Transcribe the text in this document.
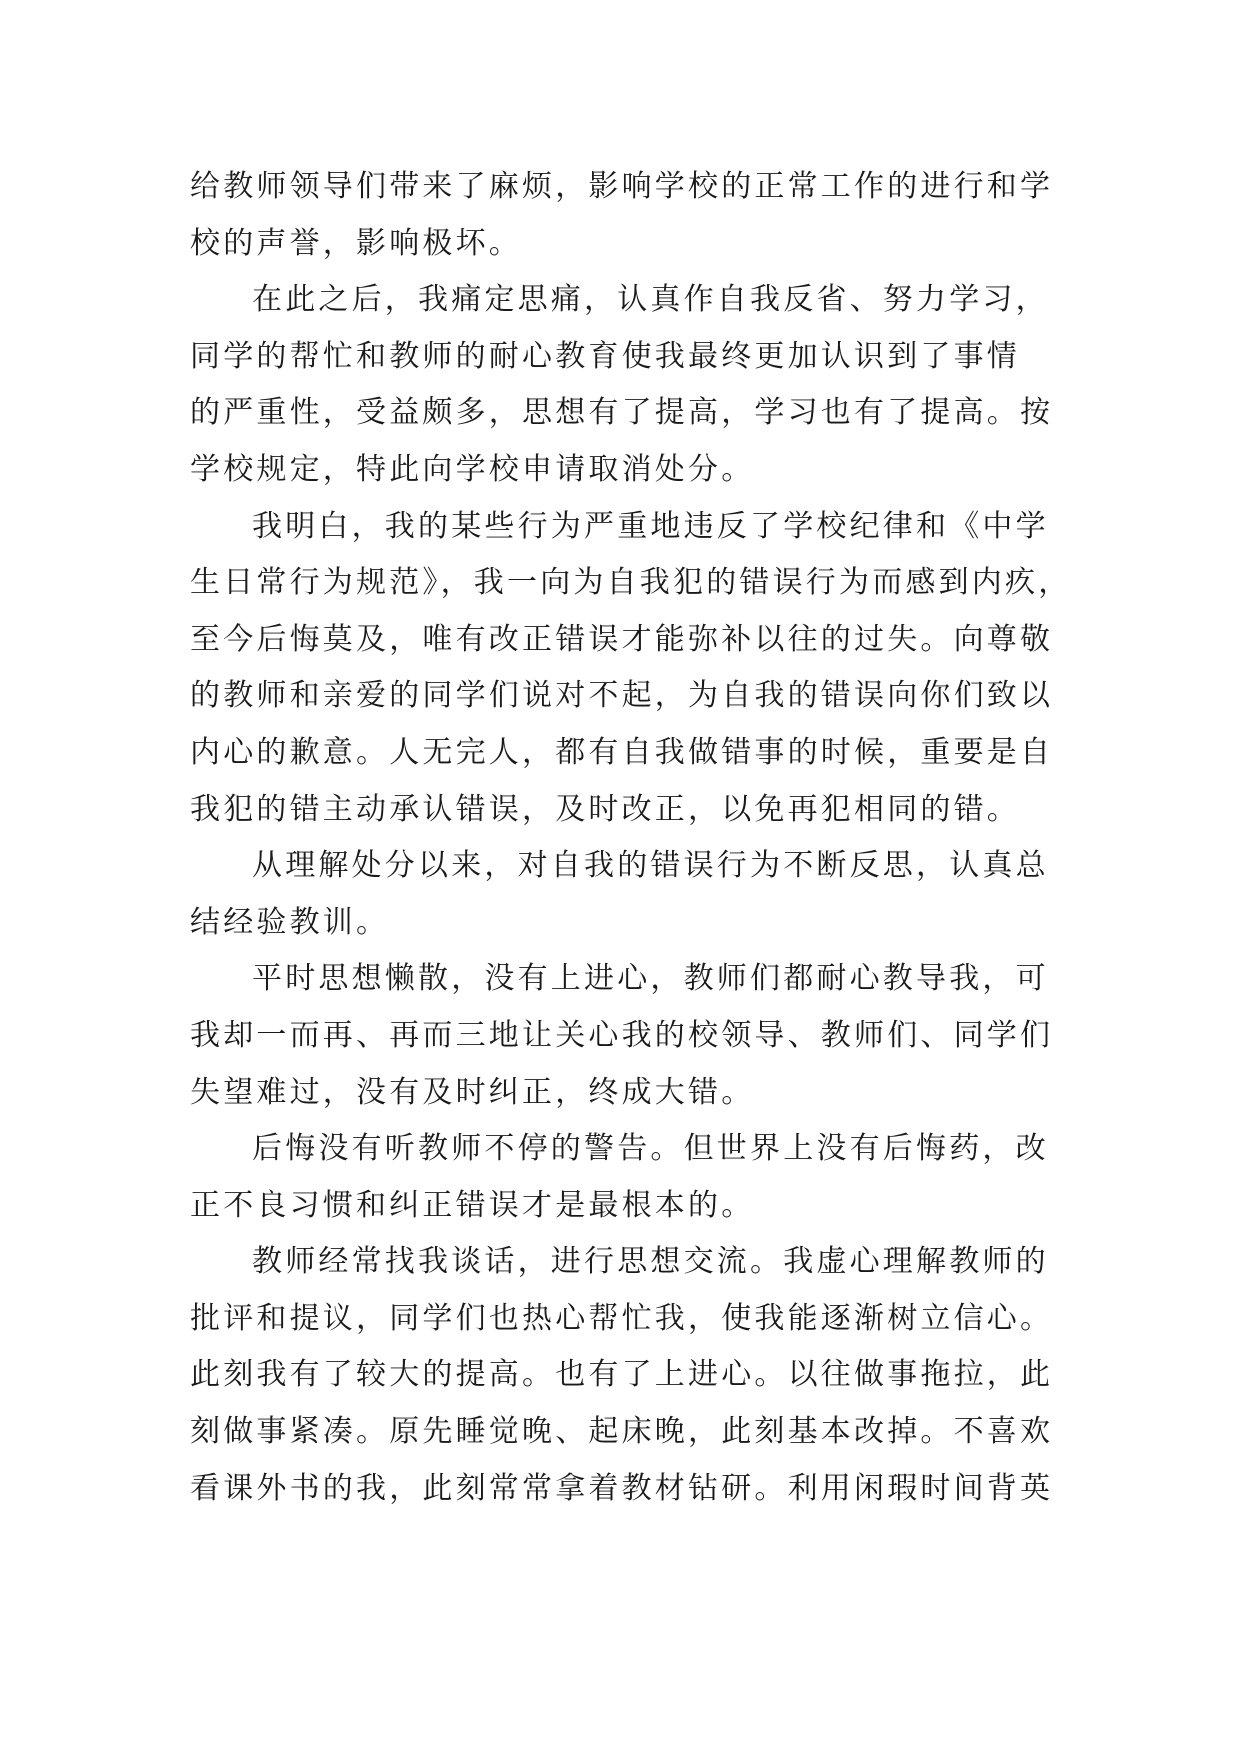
给教师领导们带来了麻烦，影响学校的正常工作的进行和学
校的声誉，影响极坏。
在此之后，我痛定思痛，认真作自我反省、努力学习，
同学的帮忙和教师的耐心教育使我最终更加认识到了事情
的严重性，受益颇多，思想有了提高，学习也有了提高。按
学校规定，特此向学校申请取消处分。
我明白，我的某些行为严重地违反了学校纪律和《中学
生日常行为规范》，我一向为自我犯的错误行为而感到内疚，
至今后悔莫及，唯有改正错误才能弥补以往的过失。向尊敬
的教师和亲爱的同学们说对不起，为自我的错误向你们致以
内心的歉意。人无完人，都有自我做错事的时候，重要是自
我犯的错主动承认错误，及时改正，以免再犯相同的错。
从理解处分以来，对自我的错误行为不断反思，认真总
结经验教训。
平时思想懒散，没有上进心，教师们都耐心教导我，可
我却一而再、再而三地让关心我的校领导、教师们、同学们
失望难过，没有及时纠正，终成大错。
后悔没有听教师不停的警告。但世界上没有后悔药，改
正不良习惯和纠正错误才是最根本的。
教师经常找我谈话，进行思想交流。我虚心理解教师的
批评和提议，同学们也热心帮忙我，使我能逐渐树立信心。
此刻我有了较大的提高。也有了上进心。以往做事拖拉，此
刻做事紧凑。原先睡觉晚、起床晚，此刻基本改掉。不喜欢
看课外书的我，此刻常常拿着教材钻研。利用闲瑕时间背英
